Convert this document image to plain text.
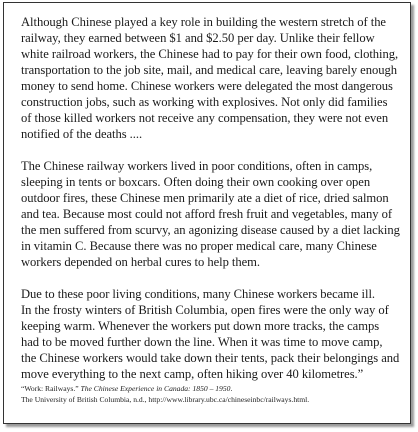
Although Chinese played a key role in building the western stretch of the
railway, they earned between $1 and $2.50 per day. Unlike their fellow
white railroad workers, the Chinese had to pay for their own food, clothing,
transportation to the job site, mail, and medical care, leaving barely enough
money to send home. Chinese workers were delegated the most dangerous
construction jobs, such as working with explosives. Not only did families
of those killed workers not receive any compensation, they were not even
notified of the deaths ....

The Chinese railway workers lived in poor conditions, often in camps,
sleeping in tents or boxcars. Often doing their own cooking over open
outdoor fires, these Chinese men primarily ate a diet of rice, dried salmon
and tea. Because most could not afford fresh fruit and vegetables, many of
the men suffered from scurvy, an agonizing disease caused by a diet lacking
in vitamin C. Because there was no proper medical care, many Chinese
workers depended on herbal cures to help them.

Due to these poor living conditions, many Chinese workers became ill.
In the frosty winters of British Columbia, open fires were the only way of
keeping warm. Whenever the workers put down more tracks, the camps
had to be moved further down the line. When it was time to move camp,
the Chinese workers would take down their tents, pack their belongings and
move everything to the next camp, often hiking over 40 kilometres.”

“Work: Railways.” The Chinese Experience in Canada: 1850 – 1950.
The University of British Columbia, n.d., http://www.library.ubc.ca/chineseinbc/railways.html.
